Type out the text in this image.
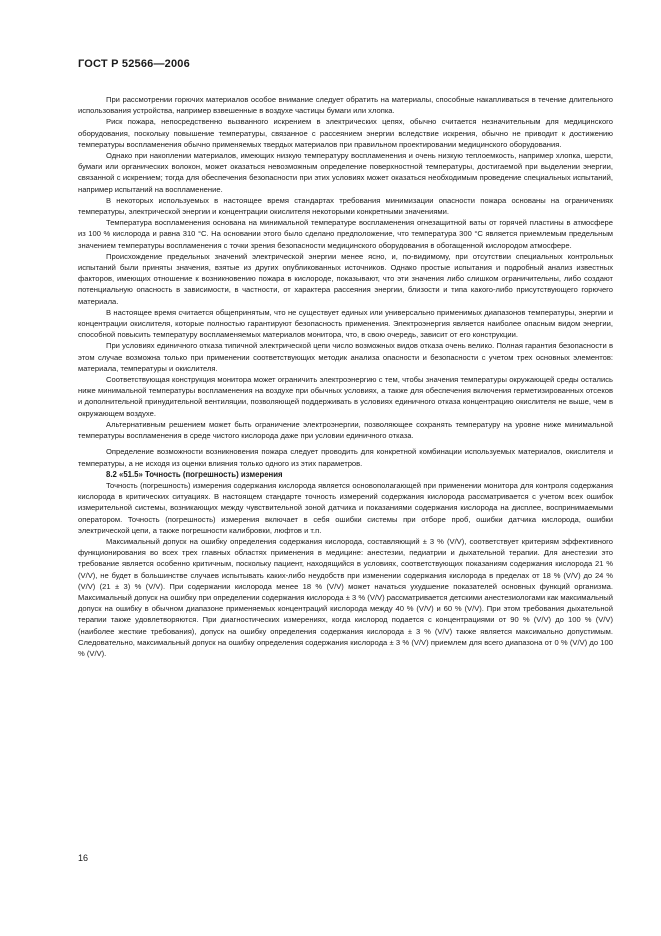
ГОСТ Р 52566—2006

При рассмотрении горючих материалов особое внимание следует обратить на материалы, способные накапливаться в течение длительного использования устройства, например взвешенные в воздухе частицы бумаги или хлопка.

Риск пожара, непосредственно вызванного искрением в электрических цепях, обычно считается незначительным для медицинского оборудования, поскольку повышение температуры, связанное с рассеянием энергии вследствие искрения, обычно не приводит к достижению температуры воспламенения обычно применяемых твердых материалов при правильном проектировании медицинского оборудования.

Однако при накоплении материалов, имеющих низкую температуру воспламенения и очень низкую теплоемкость, например хлопка, шерсти, бумаги или органических волокон, может оказаться невозможным определение поверхностной температуры, достигаемой при выделении энергии, связанной с искрением; тогда для обеспечения безопасности при этих условиях может оказаться необходимым проведение специальных испытаний, например испытаний на воспламенение.

В некоторых используемых в настоящее время стандартах требования минимизации опасности пожара основаны на ограничениях температуры, электрической энергии и концентрации окислителя некоторыми конкретными значениями.

Температура воспламенения основана на минимальной температуре воспламенения огнезащитной ваты от горячей пластины в атмосфере из 100 % кислорода и равна 310 °С. На основании этого было сделано предположение, что температура 300 °С является приемлемым предельным значением температуры воспламенения с точки зрения безопасности медицинского оборудования в обогащенной кислородом атмосфере.

Происхождение предельных значений электрической энергии менее ясно, и, по-видимому, при отсутствии специальных контрольных испытаний были приняты значения, взятые из других опубликованных источников. Однако простые испытания и подробный анализ известных факторов, имеющих отношение к возникновению пожара в кислороде, показывают, что эти значения либо слишком ограничительны, либо создают потенциальную опасность в зависимости, в частности, от характера рассеяния энергии, близости и типа какого-либо присутствующего горючего материала.

В настоящее время считается общепринятым, что не существует единых или универсально применимых диапазонов температуры, энергии и концентрации окислителя, которые полностью гарантируют безопасность применения. Электроэнергия является наиболее опасным видом энергии, способной повысить температуру воспламеняемых материалов монитора, что, в свою очередь, зависит от его конструкции.

При условиях единичного отказа типичной электрической цепи число возможных видов отказа очень велико. Полная гарантия безопасности в этом случае возможна только при применении соответствующих методик анализа опасности и безопасности с учетом трех основных элементов: материала, температуры и окислителя.

Соответствующая конструкция монитора может ограничить электроэнергию с тем, чтобы значения температуры окружающей среды остались ниже минимальной температуры воспламенения на воздухе при обычных условиях, а также для обеспечения включения герметизированных отсеков и дополнительной принудительной вентиляции, позволяющей поддерживать в условиях единичного отказа концентрацию окислителя не выше, чем в окружающем воздухе.

Альтернативным решением может быть ограничение электроэнергии, позволяющее сохранять температуру на уровне ниже минимальной температуры воспламенения в среде чистого кислорода даже при условии единичного отказа.

Определение возможности возникновения пожара следует проводить для конкретной комбинации используемых материалов, окислителя и температуры, а не исходя из оценки влияния только одного из этих параметров.

8.2 «51.5» Точность (погрешность) измерения

Точность (погрешность) измерения содержания кислорода является основополагающей при применении монитора для контроля содержания кислорода в критических ситуациях. В настоящем стандарте точность измерений содержания кислорода рассматривается с учетом всех ошибок измерительной системы, возникающих между чувствительной зоной датчика и показаниями содержания кислорода на дисплее, воспринимаемыми оператором. Точность (погрешность) измерения включает в себя ошибки системы при отборе проб, ошибки датчика кислорода, ошибки электрической цепи, а также погрешности калибровки, люфтов и т.п.

Максимальный допуск на ошибку определения содержания кислорода, составляющий ± 3 % (V/V), соответствует критериям эффективного функционирования во всех трех главных областях применения в медицине: анестезии, педиатрии и дыхательной терапии. Для анестезии это требование является особенно критичным, поскольку пациент, находящийся в условиях, соответствующих показаниям содержания кислорода 21 % (V/V), не будет в большинстве случаев испытывать каких-либо неудобств при изменении содержания кислорода в пределах от 18 % (V/V) до 24 % (V/V) (21 ± 3) % (V/V). При содержании кислорода менее 18 % (V/V) может начаться ухудшение показателей основных функций организма. Максимальный допуск на ошибку при определении содержания кислорода ± 3 % (V/V) рассматривается детскими анестезиологами как максимальный допуск на ошибку в обычном диапазоне применяемых концентраций кислорода между 40 % (V/V) и 60 % (V/V). При этом требования дыхательной терапии также удовлетворяются. При диагностических измерениях, когда кислород подается с концентрациями от 90 % (V/V) до 100 % (V/V) (наиболее жесткие требования), допуск на ошибку определения содержания кислорода ± 3 % (V/V) также является максимально допустимым. Следовательно, максимальный допуск на ошибку определения содержания кислорода ± 3 % (V/V) приемлем для всего диапазона от 0 % (V/V) до 100 % (V/V).

16
